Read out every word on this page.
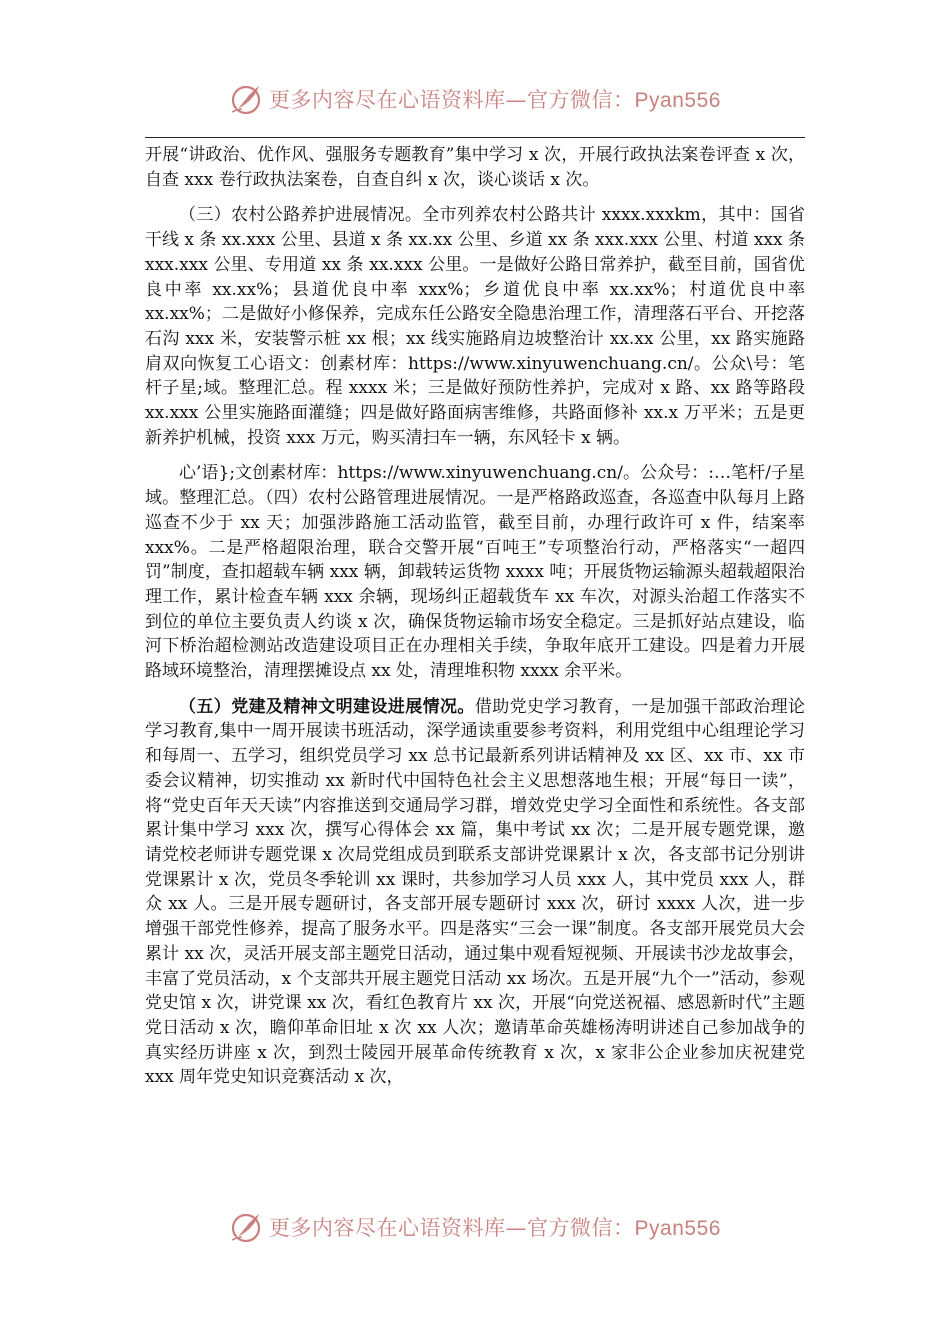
更多内容尽在心语资料库—官方微信：Pyan556

开展“讲政治、优作风、强服务专题教育”集中学习 x 次，开展行政执法案卷评查 x 次，自查 xxx 卷行政执法案卷，自查自纠 x 次，谈心谈话 x 次。

（三）农村公路养护进展情况。全市列养农村公路共计 xxxx.xxxkm，其中：国省干线 x 条 xx.xxx 公里、县道 x 条 xx.xx 公里、乡道 xx 条 xxx.xxx 公里、村道 xxx 条 xxx.xxx 公里、专用道 xx 条 xx.xxx 公里。一是做好公路日常养护，截至目前，国省优良中率 xx.xx%；县道优良中率 xxx%；乡道优良中率 xx.xx%；村道优良中率 xx.xx%；二是做好小修保养，完成东任公路安全隐患治理工作，清理落石平台、开挖落石沟 xxx 米，安装警示桩 xx 根；xx 线实施路肩边坡整治计 xx.xx 公里，xx 路实施路肩双向恢复工心语文：创素材库：https://www.xinyuwenchuang.cn/。公众\号：笔杆子星;域。整理汇总。程 xxxx 米；三是做好预防性养护，完成对 x 路、xx 路等路段 xx.xxx 公里实施路面灌缝；四是做好路面病害维修，共路面修补 xx.x 万平米；五是更新养护机械，投资 xxx 万元，购买清扫车一辆，东风轻卡 x 辆。

心’语};文创素材库：https://www.xinyuwenchuang.cn/。公众号：:…笔杆/子星域。整理汇总。（四）农村公路管理进展情况。一是严格路政巡查，各巡查中队每月上路巡查不少于 xx 天；加强涉路施工活动监管，截至目前，办理行政许可 x 件，结案率 xxx%。二是严格超限治理，联合交警开展“百吨王”专项整治行动，严格落实“一超四罚”制度，查扣超载车辆 xxx 辆，卸载转运货物 xxxx 吨；开展货物运输源头超载超限治理工作，累计检查车辆 xxx 余辆，现场纠正超载货车 xx 车次，对源头治超工作落实不到位的单位主要负责人约谈 x 次，确保货物运输市场安全稳定。三是抓好站点建设，临河下桥治超检测站改造建设项目正在办理相关手续，争取年底开工建设。四是着力开展路域环境整治，清理摆摊设点 xx 处，清理堆积物 xxxx 余平米。

（五）党建及精神文明建设进展情况。借助党史学习教育，一是加强干部政治理论学习教育,集中一周开展读书班活动，深学通读重要参考资料，利用党组中心组理论学习和每周一、五学习，组织党员学习 xx 总书记最新系列讲话精神及 xx 区、xx 市、xx 市委会议精神，切实推动 xx 新时代中国特色社会主义思想落地生根；开展“每日一读”，将“党史百年天天读”内容推送到交通局学习群，增效党史学习全面性和系统性。各支部累计集中学习 xxx 次，撰写心得体会 xx 篇，集中考试 xx 次；二是开展专题党课，邀请党校老师讲专题党课 x 次局党组成员到联系支部讲党课累计 x 次，各支部书记分别讲党课累计 x 次，党员冬季轮训 xx 课时，共参加学习人员 xxx 人，其中党员 xxx 人，群众 xx 人。三是开展专题研讨，各支部开展专题研讨 xxx 次，研讨 xxxx 人次，进一步增强干部党性修养，提高了服务水平。四是落实“三会一课”制度。各支部开展党员大会累计 xx 次，灵活开展支部主题党日活动，通过集中观看短视频、开展读书沙龙故事会，丰富了党员活动，x 个支部共开展主题党日活动 xx 场次。五是开展“九个一”活动，参观党史馆 x 次，讲党课 xx 次，看红色教育片 xx 次，开展“向党送祝福、感恩新时代”主题党日活动 x 次，瞻仰革命旧址 x 次 xx 人次；邀请革命英雄杨涛明讲述自己参加战争的真实经历讲座 x 次，到烈士陵园开展革命传统教育 x 次，x 家非公企业参加庆祝建党 xxx 周年党史知识竞赛活动 x 次，

更多内容尽在心语资料库—官方微信：Pyan556
